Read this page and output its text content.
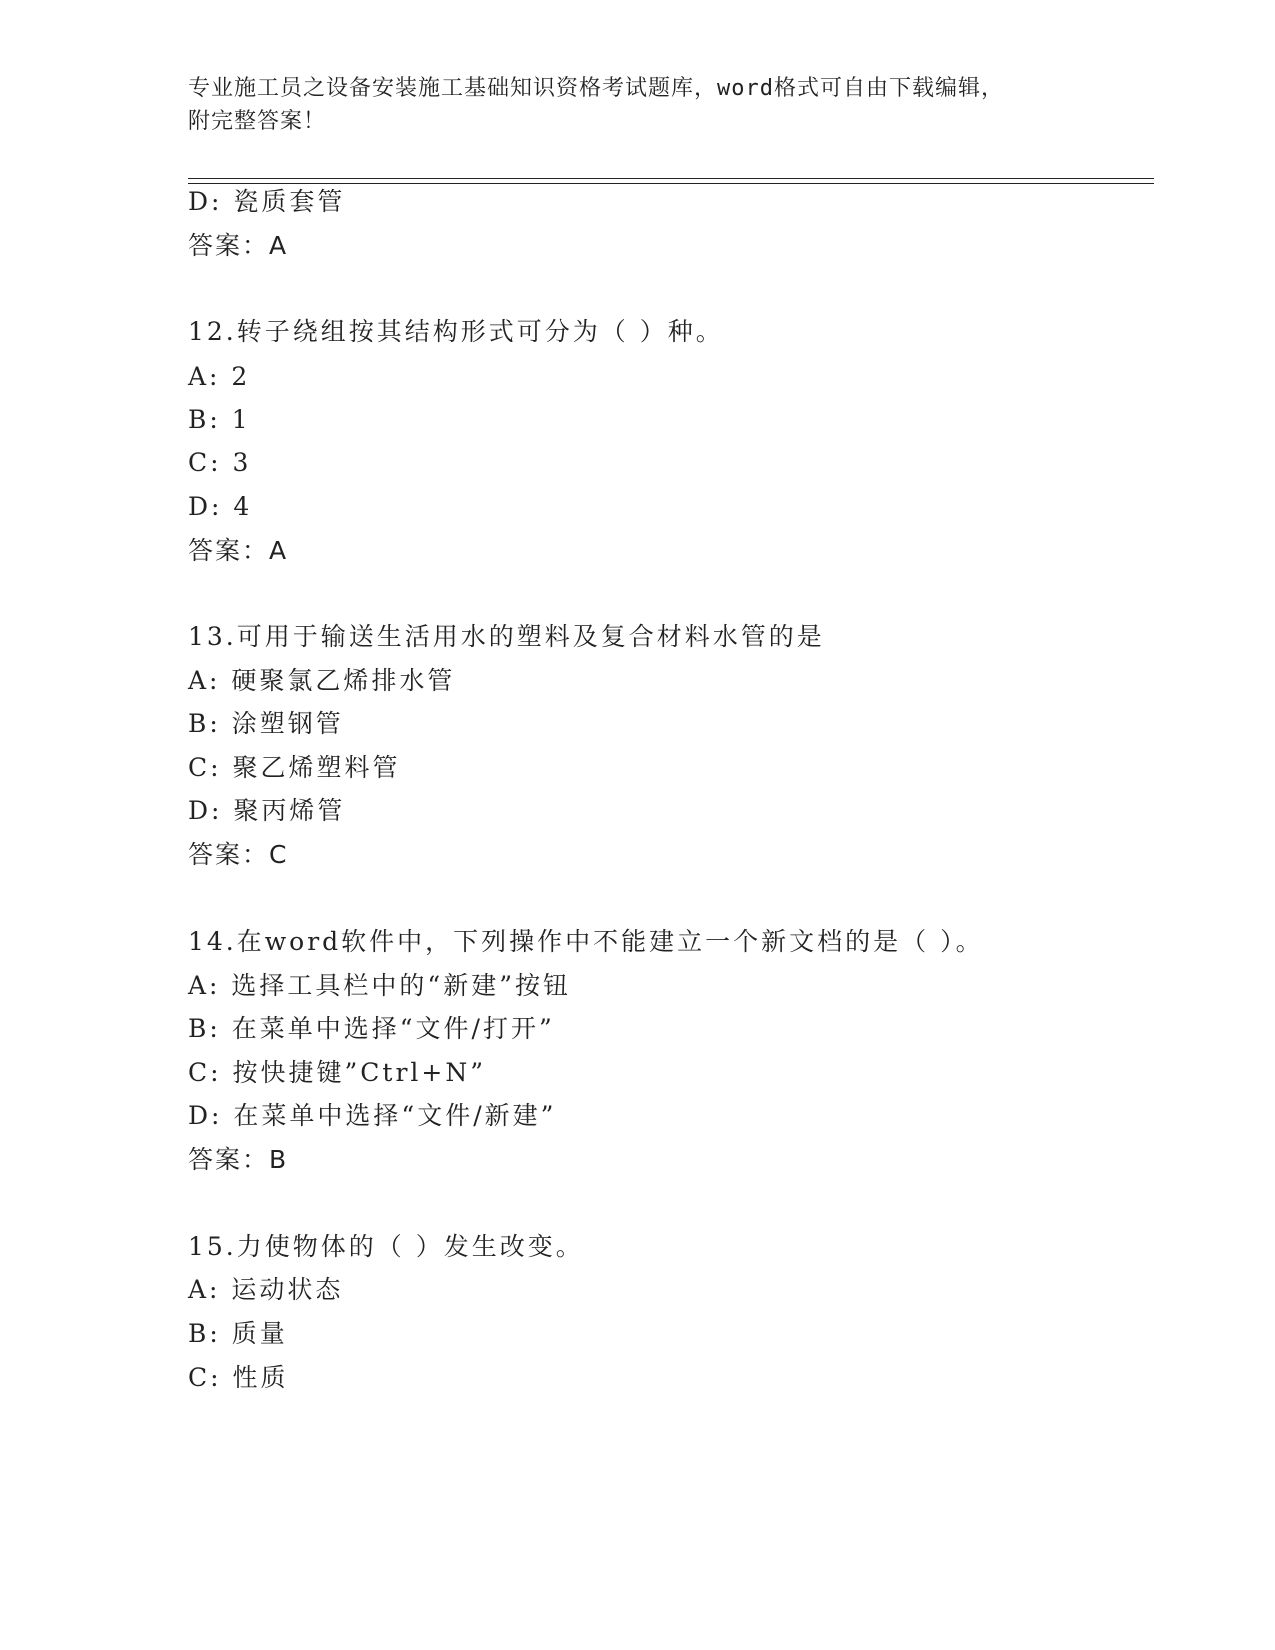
专业施工员之设备安装施工基础知识资格考试题库，word格式可自由下载编辑，
附完整答案！
D: 瓷质套管
答案：A
12.转子绕组按其结构形式可分为（ ）种。
A: 2
B: 1
C: 3
D: 4
答案：A
13.可用于输送生活用水的塑料及复合材料水管的是
A: 硬聚氯乙烯排水管
B: 涂塑钢管
C: 聚乙烯塑料管
D: 聚丙烯管
答案：C
14.在word软件中，下列操作中不能建立一个新文档的是（ ）。
A: 选择工具栏中的“新建”按钮
B: 在菜单中选择“文件/打开”
C: 按快捷键”Ctrl+N”
D: 在菜单中选择“文件/新建”
答案：B
15.力使物体的（ ）发生改变。
A: 运动状态
B: 质量
C: 性质
